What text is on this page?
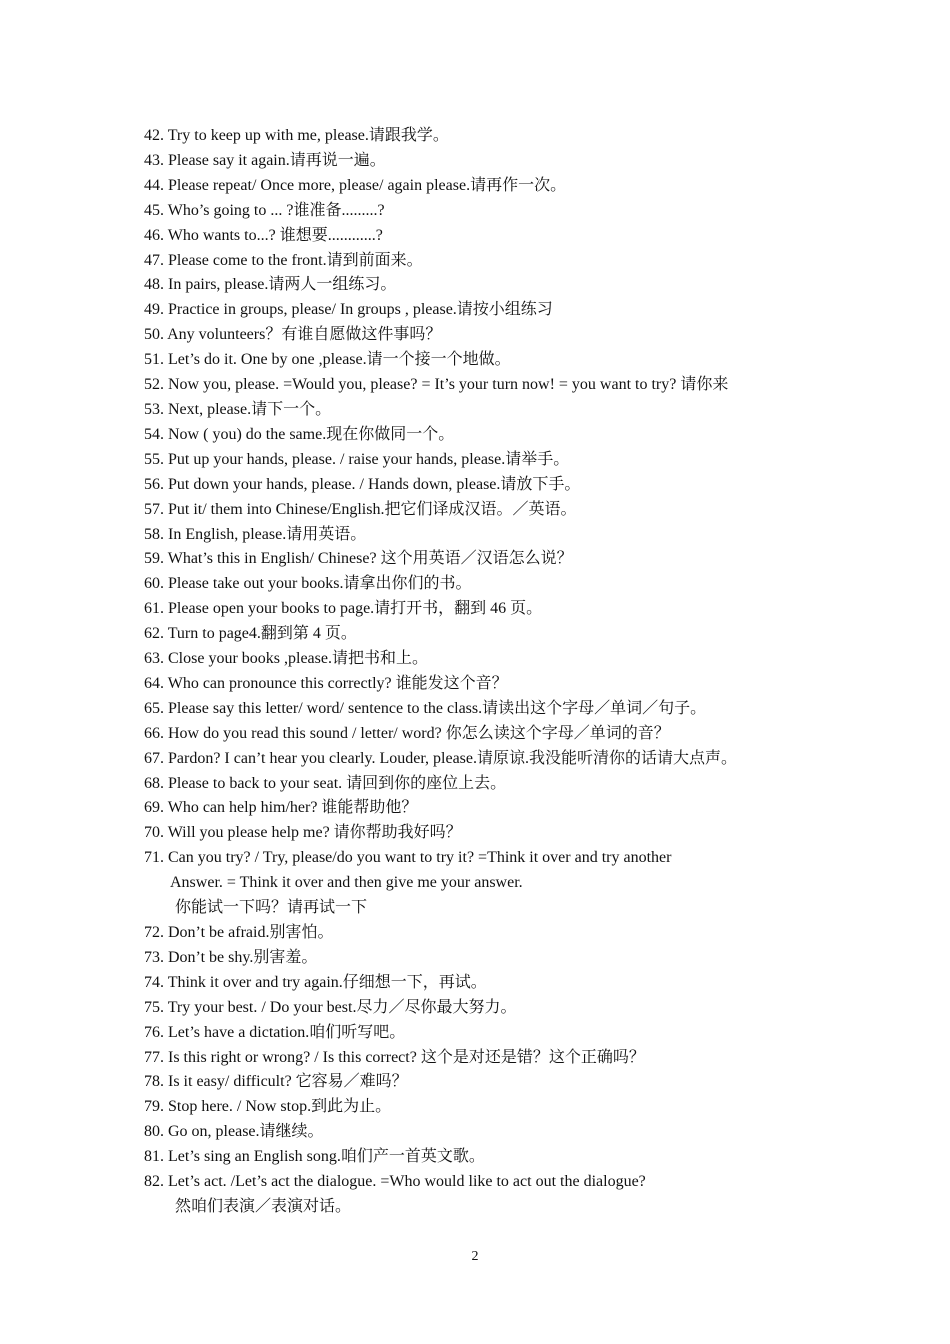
42. Try to keep up with me, please.请跟我学。
43. Please say it again.请再说一遍。
44. Please repeat/ Once more, please/ again please.请再作一次。
45. Who’s going to ... ?谁准备.........?
46. Who wants to...? 谁想要............?
47. Please come to the front.请到前面来。
48. In pairs, please.请两人一组练习。
49. Practice in groups, please/ In groups , please.请按小组练习
50. Any volunteers？有谁自愿做这件事吗？
51. Let’s do it. One by one ,please.请一个接一个地做。
52. Now you, please. =Would you, please? = It’s your turn now! = you want to try? 请你来
53. Next, please.请下一个。
54. Now ( you) do the same.现在你做同一个。
55. Put up your hands, please. / raise your hands, please.请举手。
56. Put down your hands, please. / Hands down, please.请放下手。
57. Put it/ them into Chinese/English.把它们译成汉语。／英语。
58. In English, please.请用英语。
59. What’s this in English/ Chinese? 这个用英语／汉语怎么说？
60. Please take out your books.请拿出你们的书。
61. Please open your books to page.请打开书，翻到 46 页。
62. Turn to page4.翻到第 4 页。
63. Close your books ,please.请把书和上。
64. Who can pronounce this correctly? 谁能发这个音？
65. Please say this letter/ word/ sentence to the class.请读出这个字母／单词／句子。
66. How do you read this sound / letter/ word? 你怎么读这个字母／单词的音？
67. Pardon? I can’t hear you clearly. Louder, please.请原谅.我没能听清你的话请大点声。
68. Please to back to your seat. 请回到你的座位上去。
69. Who can help him/her? 谁能帮助他？
70. Will you please help me? 请你帮助我好吗？
71. Can you try? / Try, please/do you want to try it? =Think it over and try another
Answer. = Think it over and then give me your answer.
你能试一下吗？请再试一下
72. Don’t be afraid.别害怕。
73. Don’t be shy.别害羞。
74. Think it over and try again.仔细想一下，再试。
75. Try your best. / Do your best.尽力／尽你最大努力。
76. Let’s have a dictation.咱们听写吧。
77. Is this right or wrong? / Is this correct? 这个是对还是错？这个正确吗？
78. Is it easy/ difficult? 它容易／难吗？
79. Stop here. / Now stop.到此为止。
80. Go on, please.请继续。
81. Let’s sing an English song.咱们产一首英文歌。
82. Let’s act. /Let’s act the dialogue. =Who would like to act out the dialogue?
然咱们表演／表演对话。
2
